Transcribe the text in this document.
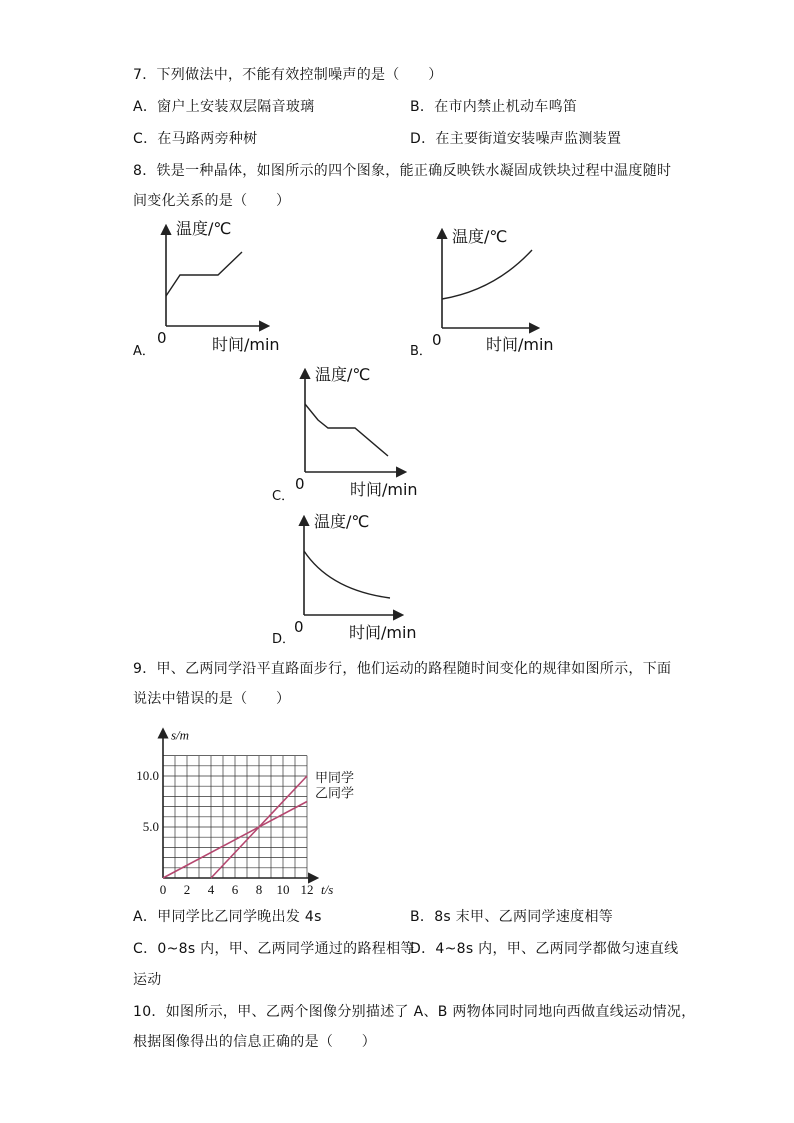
7．下列做法中，不能有效控制噪声的是（　　）
A．窗户上安装双层隔音玻璃	B．在市内禁止机动车鸣笛
C．在马路两旁种树	D．在主要街道安装噪声监测装置
8．铁是一种晶体，如图所示的四个图象，能正确反映铁水凝固成铁块过程中温度随时
间变化关系的是（　　）
温度/℃
0	时间/min
A．
温度/℃
0	时间/min
B．
温度/℃
0	时间/min
C．
温度/℃
0	时间/min
D．
9．甲、乙两同学沿平直路面步行，他们运动的路程随时间变化的规律如图所示，下面
说法中错误的是（　　）
甲同学
乙同学
0 2 4 6 8 10 12
5.0
10.0
t/s
s/m
A．甲同学比乙同学晚出发 4s	B．8s 末甲、乙两同学速度相等
C．0~8s 内，甲、乙两同学通过的路程相等
D．4~8s 内，甲、乙两同学都做匀速直线
运动
10．如图所示，甲、乙两个图像分别描述了 A、B 两物体同时同地向西做直线运动情况，
根据图像得出的信息正确的是（　　）
